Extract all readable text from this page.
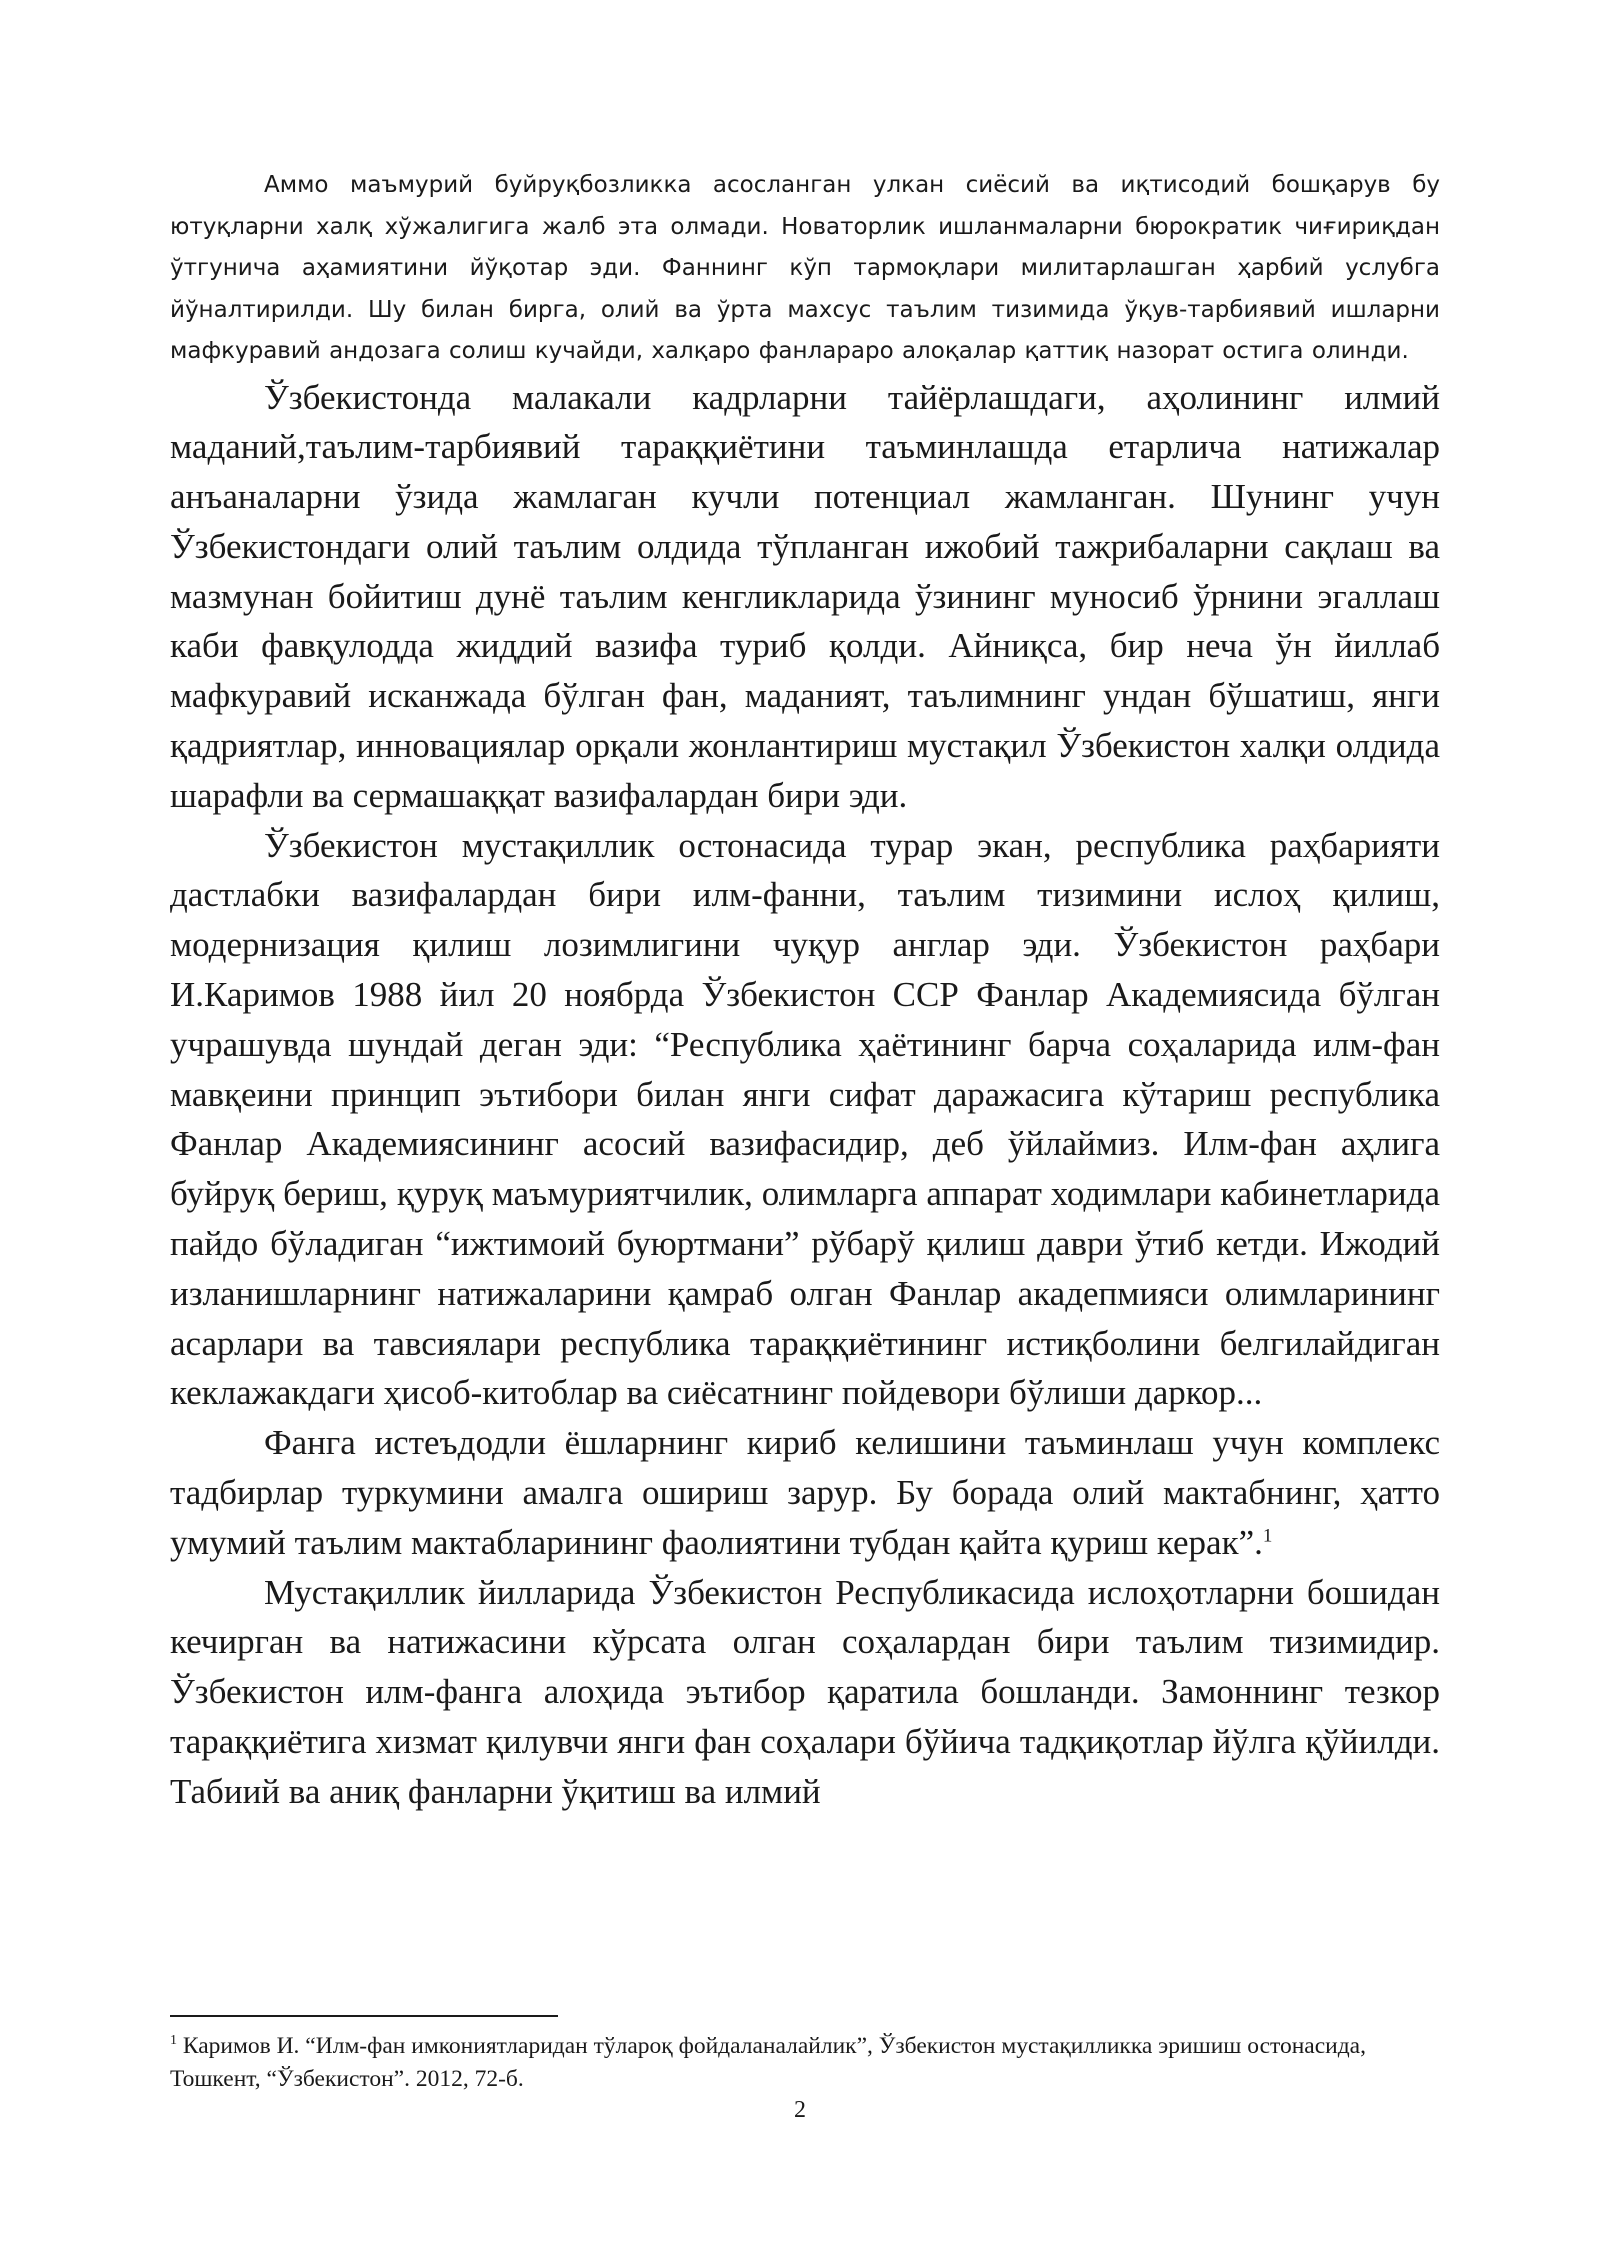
Аммо маъмурий буйруқбозликка асосланган улкан сиёсий ва иқтисодий бошқарув бу ютуқларни халқ хўжалигига жалб эта олмади. Новаторлик ишланмаларни бюрократик чиғириқдан ўтгунича аҳамиятини йўқотар эди. Фаннинг кўп тармоқлари милитарлашган ҳарбий услубга йўналтирилди. Шу билан бирга, олий ва ўрта махсус таълим тизимида ўқув-тарбиявий ишларни мафкуравий андозага солиш кучайди, халқаро фанлараро алоқалар қаттиқ назорат остига олинди.

Ўзбекистонда малакали кадрларни тайёрлашдаги, аҳолининг илмий маданий,таълим-тарбиявий тараққиётини таъминлашда етарлича натижалар анъаналарни ўзида жамлаган кучли потенциал жамланган. Шунинг учун Ўзбекистондаги олий таълим олдида тўпланган ижобий тажрибаларни сақлаш ва мазмунан бойитиш дунё таълим кенгликларида ўзининг муносиб ўрнини эгаллаш каби фавқулодда жиддий вазифа туриб қолди. Айниқса, бир неча ўн йиллаб мафкуравий исканжада бўлган фан, маданият, таълимнинг ундан бўшатиш, янги қадриятлар, инновациялар орқали жонлантириш мустақил Ўзбекистон халқи олдида шарафли ва сермашаққат вазифалардан бири эди.

Ўзбекистон мустақиллик остонасида турар экан, республика раҳбарияти дастлабки вазифалардан бири илм-фанни, таълим тизимини ислоҳ қилиш, модернизация қилиш лозимлигини чуқур англар эди. Ўзбекистон раҳбари И.Каримов 1988 йил 20 ноябрда Ўзбекистон ССР Фанлар Академиясида бўлган учрашувда шундай деган эди: “Республика ҳаётининг барча соҳаларида илм-фан мавқеини принцип эътибори билан янги сифат даражасига кўтариш республика Фанлар Академиясининг асосий вазифасидир, деб ўйлаймиз. Илм-фан аҳлига буйруқ бериш, қуруқ маъмуриятчилик, олимларга аппарат ходимлари кабинетларида пайдо бўладиган “ижтимоий буюртмани” рўбарў қилиш даври ўтиб кетди. Ижодий изланишларнинг натижаларини қамраб олган Фанлар акадепмияси олимларининг асарлари ва тавсиялари республика тараққиётининг истиқболини белгилайдиган кеклажакдаги ҳисоб-китоблар ва сиёсатнинг пойдевори бўлиши даркор...

Фанга истеъдодли ёшларнинг кириб келишини таъминлаш учун комплекс тадбирлар туркумини амалга ошириш зарур. Бу борада олий мактабнинг, ҳатто умумий таълим мактабларининг фаолиятини тубдан қайта қуриш керак”.$^1$

Мустақиллик йилларида Ўзбекистон Республикасида ислоҳотларни бошидан кечирган ва натижасини кўрсата олган соҳалардан бири таълим тизимидир. Ўзбекистон илм-фанга алоҳида эътибор қаратила бошланди. Замоннинг тезкор тараққиётига хизмат қилувчи янги фан соҳалари бўйича тадқиқотлар йўлга қўйилди. Табиий ва аниқ фанларни ўқитиш ва илмий

$^1$ Каримов И. “Илм-фан имкониятларидан тўлароқ фойдаланалайлик”, Ўзбекистон мустақилликка эришиш остонасида, Тошкент, “Ўзбекистон”. 2012, 72-б.

2
